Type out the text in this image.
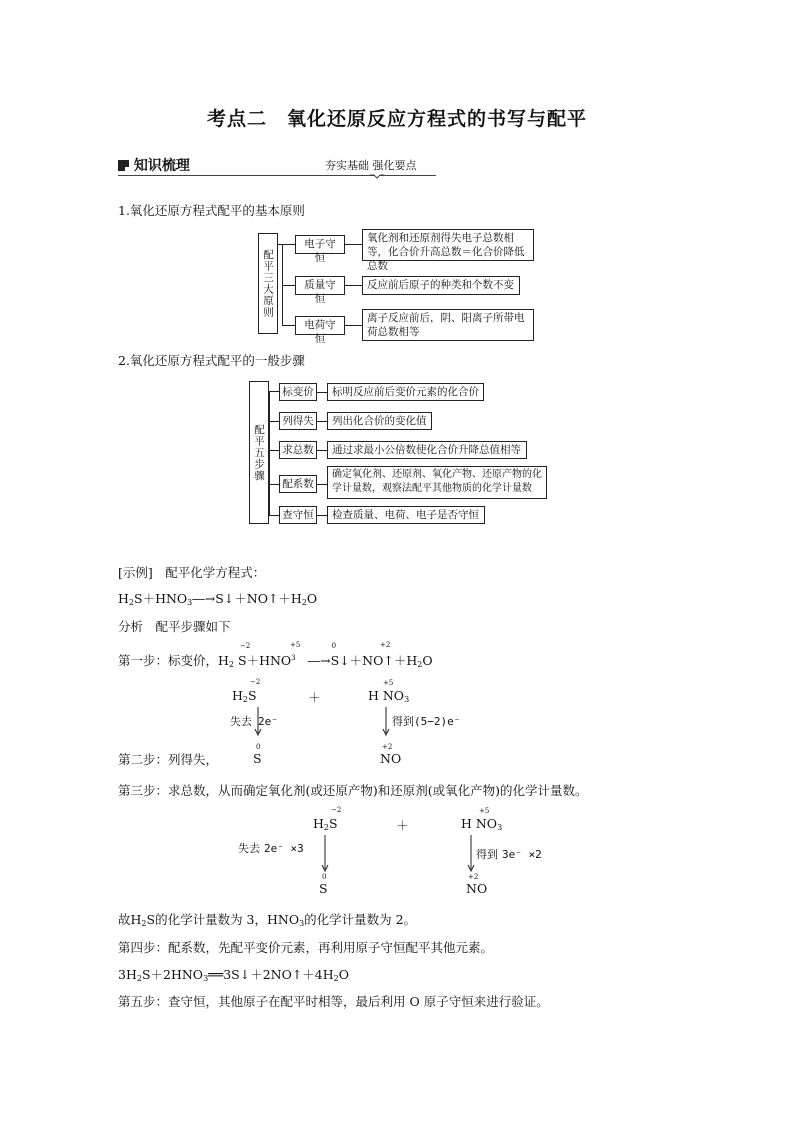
考点二　氧化还原反应方程式的书写与配平
知识梳理	夯实基础 强化要点
1.氧化还原方程式配平的基本原则
配平三大原则
电子守恒
氧化剂和还原剂得失电子总数相等，化合价升高总数＝化合价降低总数
质量守恒
反应前后原子的种类和个数不变
电荷守恒
离子反应前后，阴、阳离子所带电荷总数相等
2.氧化还原方程式配平的一般步骤
配平五步骤
标变价	标明反应前后变价元素的化合价
列得失	列出化合价的变化值
求总数	通过求最小公倍数使化合价升降总值相等
配系数
确定氧化剂、还原剂、氧化产物、还原产物的化学计量数，观察法配平其他物质的化学计量数
查守恒	检查质量、电荷、电子是否守恒
[示例]　配平化学方程式：
$H_2S+HNO_3―\to S↓+NO↑+H_2O$
分析　配平步骤如下
第一步：标变价，$H_2$
−2
$S+HNO^3$
+5
―→
0
$S↓+NO↑+H_2O$
+2
$H_2$
−2
S	＋	H $NO_3$
+5
失去 2e⁻	得到(5−2)e⁻
第二步：列得失，
0
S
+2
NO
第三步：求总数，从而确定氧化剂(或还原产物)和还原剂(或氧化产物)的化学计量数。
$H_2$
−2
S	＋	H $NO_3$
+5
失去 2e⁻ ×3	得到 3e⁻ ×2
0
S
+2
NO
故$H_2S$的化学计量数为 3，$HNO_3$的化学计量数为 2。
第四步：配系数，先配平变价元素，再利用原子守恒配平其他元素。
$3H_2S+2HNO_3══3S↓+2NO↑+4H_2O$
第五步：查守恒，其他原子在配平时相等，最后利用 O 原子守恒来进行验证。
